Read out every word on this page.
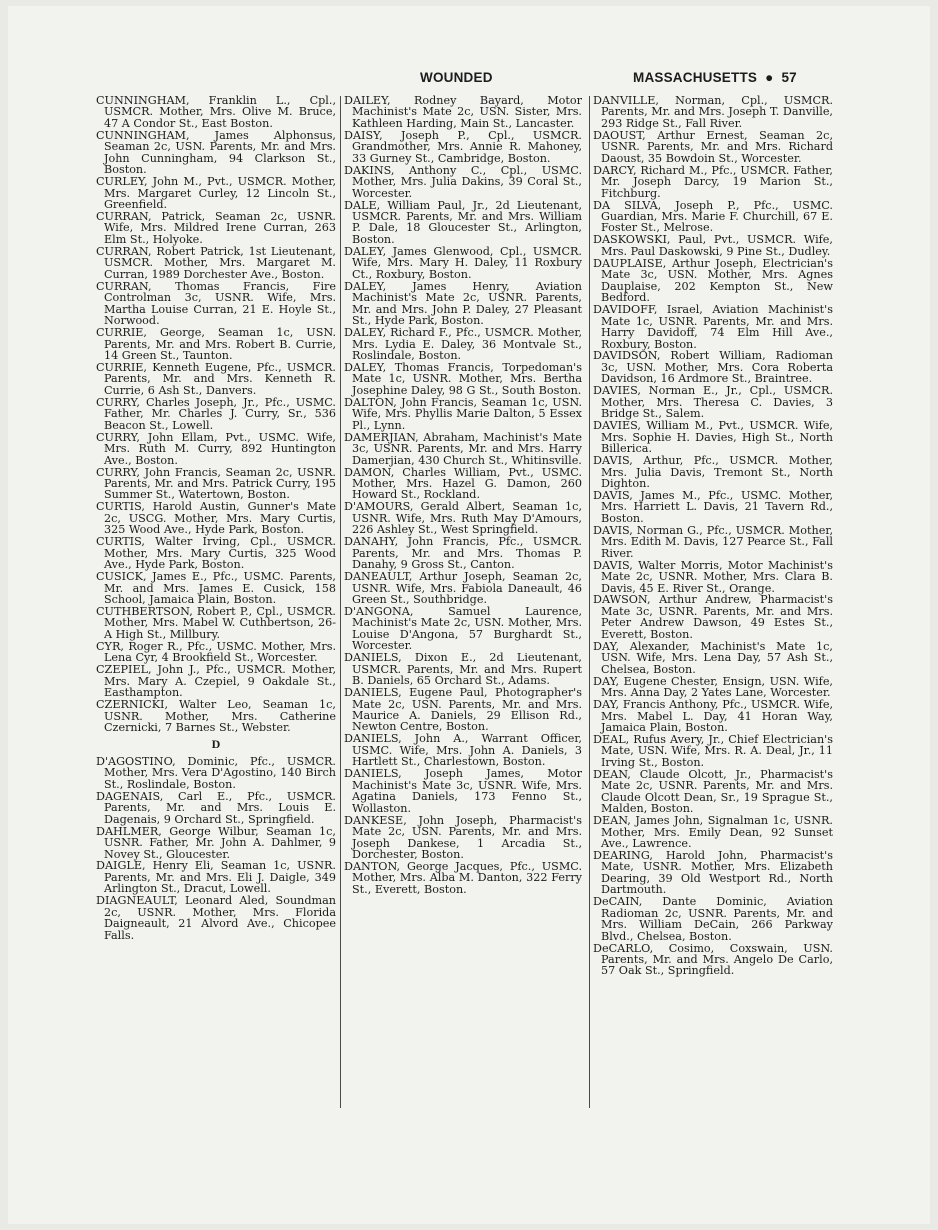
WOUNDED	MASSACHUSETTS ● 57

CUNNINGHAM, Franklin L., Cpl., USMCR. Mother, Mrs. Olive M. Bruce, 47 A Condor St., East Boston.

CUNNINGHAM, James Alphonsus, Seaman 2c, USN. Parents, Mr. and Mrs. John Cunningham, 94 Clarkson St., Boston.

CURLEY, John M., Pvt., USMCR. Mother, Mrs. Margaret Curley, 12 Lincoln St., Greenfield.

CURRAN, Patrick, Seaman 2c, USNR. Wife, Mrs. Mildred Irene Curran, 263 Elm St., Holyoke.

CURRAN, Robert Patrick, 1st Lieutenant, USMCR. Mother, Mrs. Margaret M. Curran, 1989 Dorchester Ave., Boston.

CURRAN, Thomas Francis, Fire Controlman 3c, USNR. Wife, Mrs. Martha Louise Curran, 21 E. Hoyle St., Norwood.

CURRIE, George, Seaman 1c, USN. Parents, Mr. and Mrs. Robert B. Currie, 14 Green St., Taunton.

CURRIE, Kenneth Eugene, Pfc., USMCR. Parents, Mr. and Mrs. Kenneth R. Currie, 6 Ash St., Danvers.

CURRY, Charles Joseph, Jr., Pfc., USMC. Father, Mr. Charles J. Curry, Sr., 536 Beacon St., Lowell.

CURRY, John Ellam, Pvt., USMC. Wife, Mrs. Ruth M. Curry, 892 Huntington Ave., Boston.

CURRY, John Francis, Seaman 2c, USNR. Parents, Mr. and Mrs. Patrick Curry, 195 Summer St., Watertown, Boston.

CURTIS, Harold Austin, Gunner's Mate 2c, USCG. Mother, Mrs. Mary Curtis, 325 Wood Ave., Hyde Park, Boston.

CURTIS, Walter Irving, Cpl., USMCR. Mother, Mrs. Mary Curtis, 325 Wood Ave., Hyde Park, Boston.

CUSICK, James E., Pfc., USMC. Parents, Mr. and Mrs. James E. Cusick, 158 School, Jamaica Plain, Boston.

CUTHBERTSON, Robert P., Cpl., USMCR. Mother, Mrs. Mabel W. Cuthbertson, 26-A High St., Millbury.

CYR, Roger R., Pfc., USMC. Mother, Mrs. Lena Cyr, 4 Brookfield St., Worcester.

CZEPIEL, John J., Pfc., USMCR. Mother, Mrs. Mary A. Czepiel, 9 Oakdale St., Easthampton.

CZERNICKI, Walter Leo, Seaman 1c, USNR. Mother, Mrs. Catherine Czernicki, 7 Barnes St., Webster.

D

D'AGOSTINO, Dominic, Pfc., USMCR. Mother, Mrs. Vera D'Agostino, 140 Birch St., Roslindale, Boston.

DAGENAIS, Carl E., Pfc., USMCR. Parents, Mr. and Mrs. Louis E. Dagenais, 9 Orchard St., Springfield.

DAHLMER, George Wilbur, Seaman 1c, USNR. Father, Mr. John A. Dahlmer, 9 Novey St., Gloucester.

DAIGLE, Henry Eli, Seaman 1c, USNR. Parents, Mr. and Mrs. Eli J. Daigle, 349 Arlington St., Dracut, Lowell.

DIAGNEAULT, Leonard Aled, Soundman 2c, USNR. Mother, Mrs. Florida Daigneault, 21 Alvord Ave., Chicopee Falls.

DAILEY, Rodney Bayard, Motor Machinist's Mate 2c, USN. Sister, Mrs. Kathleen Harding, Main St., Lancaster.

DAISY, Joseph P., Cpl., USMCR. Grandmother, Mrs. Annie R. Mahoney, 33 Gurney St., Cambridge, Boston.

DAKINS, Anthony C., Cpl., USMC. Mother, Mrs. Julia Dakins, 39 Coral St., Worcester.

DALE, William Paul, Jr., 2d Lieutenant, USMCR. Parents, Mr. and Mrs. William P. Dale, 18 Gloucester St., Arlington, Boston.

DALEY, James Glenwood, Cpl., USMCR. Wife, Mrs. Mary H. Daley, 11 Roxbury Ct., Roxbury, Boston.

DALEY, James Henry, Aviation Machinist's Mate 2c, USNR. Parents, Mr. and Mrs. John P. Daley, 27 Pleasant St., Hyde Park, Boston.

DALEY, Richard F., Pfc., USMCR. Mother, Mrs. Lydia E. Daley, 36 Montvale St., Roslindale, Boston.

DALEY, Thomas Francis, Torpedoman's Mate 1c, USNR. Mother, Mrs. Bertha Josephine Daley, 98 G St., South Boston.

DALTON, John Francis, Seaman 1c, USN. Wife, Mrs. Phyllis Marie Dalton, 5 Essex Pl., Lynn.

DAMERJIAN, Abraham, Machinist's Mate 3c, USNR. Parents, Mr. and Mrs. Harry Damerjian, 430 Church St., Whitinsville.

DAMON, Charles William, Pvt., USMC. Mother, Mrs. Hazel G. Damon, 260 Howard St., Rockland.

D'AMOURS, Gerald Albert, Seaman 1c, USNR. Wife, Mrs. Ruth May D'Amours, 226 Ashley St., West Springfield.

DANAHY, John Francis, Pfc., USMCR. Parents, Mr. and Mrs. Thomas P. Danahy, 9 Gross St., Canton.

DANEAULT, Arthur Joseph, Seaman 2c, USNR. Wife, Mrs. Fabiola Daneault, 46 Green St., Southbridge.

D'ANGONA, Samuel Laurence, Machinist's Mate 2c, USN. Mother, Mrs. Louise D'Angona, 57 Burghardt St., Worcester.

DANIELS, Dixon E., 2d Lieutenant, USMCR. Parents, Mr. and Mrs. Rupert B. Daniels, 65 Orchard St., Adams.

DANIELS, Eugene Paul, Photographer's Mate 2c, USN. Parents, Mr. and Mrs. Maurice A. Daniels, 29 Ellison Rd., Newton Centre, Boston.

DANIELS, John A., Warrant Officer, USMC. Wife, Mrs. John A. Daniels, 3 Hartlett St., Charlestown, Boston.

DANIELS, Joseph James, Motor Machinist's Mate 3c, USNR. Wife, Mrs. Agatina Daniels, 173 Fenno St., Wollaston.

DANKESE, John Joseph, Pharmacist's Mate 2c, USN. Parents, Mr. and Mrs. Joseph Dankese, 1 Arcadia St., Dorchester, Boston.

DANTON, George Jacques, Pfc., USMC. Mother, Mrs. Alba M. Danton, 322 Ferry St., Everett, Boston.

DANVILLE, Norman, Cpl., USMCR. Parents, Mr. and Mrs. Joseph T. Danville, 293 Ridge St., Fall River.

DAOUST, Arthur Ernest, Seaman 2c, USNR. Parents, Mr. and Mrs. Richard Daoust, 35 Bowdoin St., Worcester.

DARCY, Richard M., Pfc., USMCR. Father, Mr. Joseph Darcy, 19 Marion St., Fitchburg.

DA SILVA, Joseph P., Pfc., USMC. Guardian, Mrs. Marie F. Churchill, 67 E. Foster St., Melrose.

DASKOWSKI, Paul, Pvt., USMCR. Wife, Mrs. Paul Daskowski, 9 Pine St., Dudley.

DAUPLAISE, Arthur Joseph, Electrician's Mate 3c, USN. Mother, Mrs. Agnes Dauplaise, 202 Kempton St., New Bedford.

DAVIDOFF, Israel, Aviation Machinist's Mate 1c, USNR. Parents, Mr. and Mrs. Harry Davidoff, 74 Elm Hill Ave., Roxbury, Boston.

DAVIDSON, Robert William, Radioman 3c, USN. Mother, Mrs. Cora Roberta Davidson, 16 Ardmore St., Braintree.

DAVIES, Norman E., Jr., Cpl., USMCR. Mother, Mrs. Theresa C. Davies, 3 Bridge St., Salem.

DAVIES, William M., Pvt., USMCR. Wife, Mrs. Sophie H. Davies, High St., North Billerica.

DAVIS, Arthur, Pfc., USMCR. Mother, Mrs. Julia Davis, Tremont St., North Dighton.

DAVIS, James M., Pfc., USMC. Mother, Mrs. Harriett L. Davis, 21 Tavern Rd., Boston.

DAVIS, Norman G., Pfc., USMCR. Mother, Mrs. Edith M. Davis, 127 Pearce St., Fall River.

DAVIS, Walter Morris, Motor Machinist's Mate 2c, USNR. Mother, Mrs. Clara B. Davis, 45 E. River St., Orange.

DAWSON, Arthur Andrew, Pharmacist's Mate 3c, USNR. Parents, Mr. and Mrs. Peter Andrew Dawson, 49 Estes St., Everett, Boston.

DAY, Alexander, Machinist's Mate 1c, USN. Wife, Mrs. Lena Day, 57 Ash St., Chelsea, Boston.

DAY, Eugene Chester, Ensign, USN. Wife, Mrs. Anna Day, 2 Yates Lane, Worcester.

DAY, Francis Anthony, Pfc., USMCR. Wife, Mrs. Mabel L. Day, 41 Horan Way, Jamaica Plain, Boston.

DEAL, Rufus Avery, Jr., Chief Electrician's Mate, USN. Wife, Mrs. R. A. Deal, Jr., 11 Irving St., Boston.

DEAN, Claude Olcott, Jr., Pharmacist's Mate 2c, USNR. Parents, Mr. and Mrs. Claude Olcott Dean, Sr., 19 Sprague St., Malden, Boston.

DEAN, James John, Signalman 1c, USNR. Mother, Mrs. Emily Dean, 92 Sunset Ave., Lawrence.

DEARING, Harold John, Pharmacist's Mate, USNR. Mother, Mrs. Elizabeth Dearing, 39 Old Westport Rd., North Dartmouth.

DeCAIN, Dante Dominic, Aviation Radioman 2c, USNR. Parents, Mr. and Mrs. William DeCain, 266 Parkway Blvd., Chelsea, Boston.

DeCARLO, Cosimo, Coxswain, USN. Parents, Mr. and Mrs. Angelo De Carlo, 57 Oak St., Springfield.
